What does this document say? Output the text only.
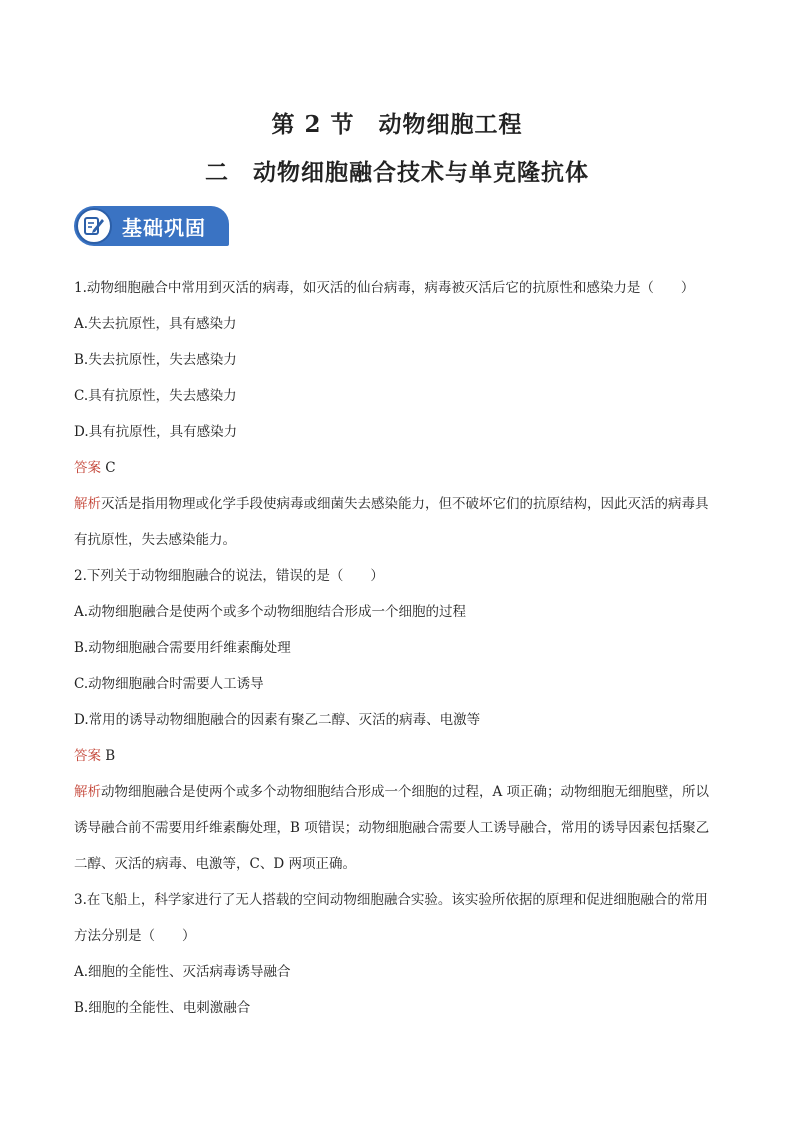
第 2 节　动物细胞工程
二　动物细胞融合技术与单克隆抗体
基础巩固

1.动物细胞融合中常用到灭活的病毒，如灭活的仙台病毒，病毒被灭活后它的抗原性和感染力是（　　）

A.失去抗原性，具有感染力

B.失去抗原性，失去感染力

C.具有抗原性，失去感染力

D.具有抗原性，具有感染力

答案 C

解析灭活是指用物理或化学手段使病毒或细菌失去感染能力，但不破坏它们的抗原结构，因此灭活的病毒具有抗原性，失去感染能力。

2.下列关于动物细胞融合的说法，错误的是（　　）

A.动物细胞融合是使两个或多个动物细胞结合形成一个细胞的过程

B.动物细胞融合需要用纤维素酶处理

C.动物细胞融合时需要人工诱导

D.常用的诱导动物细胞融合的因素有聚乙二醇、灭活的病毒、电激等

答案 B

解析动物细胞融合是使两个或多个动物细胞结合形成一个细胞的过程，A 项正确；动物细胞无细胞壁，所以诱导融合前不需要用纤维素酶处理，B 项错误；动物细胞融合需要人工诱导融合，常用的诱导因素包括聚乙二醇、灭活的病毒、电激等，C、D 两项正确。

3.在飞船上，科学家进行了无人搭载的空间动物细胞融合实验。该实验所依据的原理和促进细胞融合的常用方法分别是（　　）

A.细胞的全能性、灭活病毒诱导融合

B.细胞的全能性、电刺激融合
